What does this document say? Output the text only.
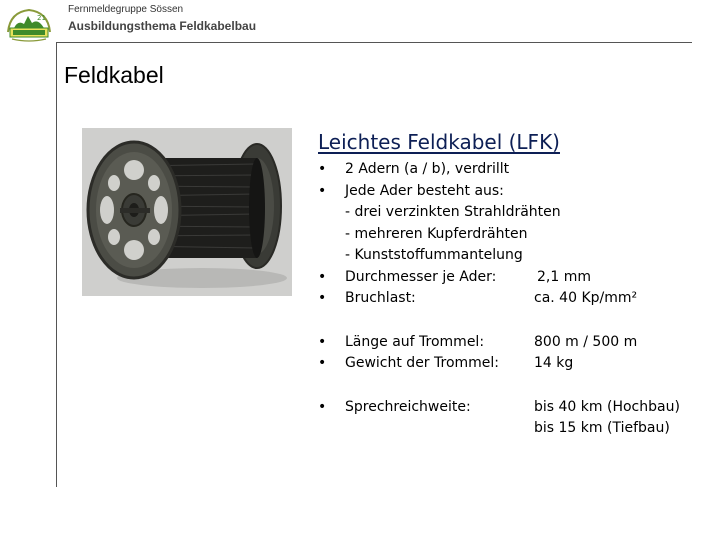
21
Fernmeldegruppe Sössen
Ausbildungsthema Feldkabelbau
Feldkabel
Leichtes Feldkabel (LFK)
• 2 Adern (a / b), verdrillt
• Jede Ader besteht aus:
- drei verzinkten Strahldrähten
- mehreren Kupferdrähten
- Kunststoffummantelung
• Durchmesser je Ader:	2,1 mm
• Bruchlast:	ca. 40 Kp/mm²
• Länge auf Trommel:	800 m / 500 m
• Gewicht der Trommel: 14 kg
• Sprechreichweite:	bis 40 km (Hochbau)
bis 15 km (Tiefbau)
